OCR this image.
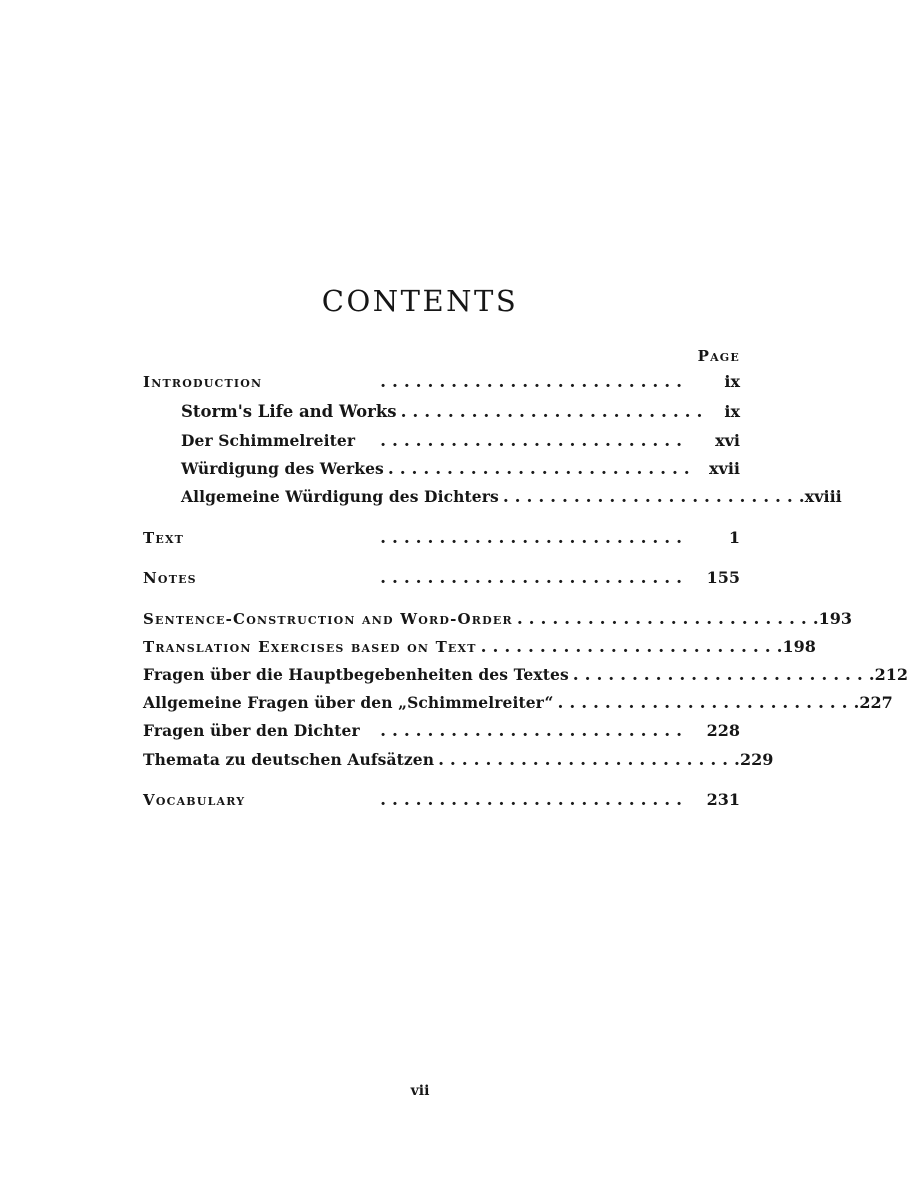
CONTENTS
Page
Introduction	. . . . . . . . . . . . . . . . . . . . . . . . . .	ix
Storm's Life and Works . . . . . . . . . . . . . . . . . . . . . . . . . .	ix
Der Schimmelreiter	. . . . . . . . . . . . . . . . . . . . . . . . . .	xvi
Würdigung des Werkes . . . . . . . . . . . . . . . . . . . . . . . . . .	xvii
Allgemeine Würdigung des Dichters . . . . . . . . . . . . . . . . . . . . . . . . . . xviii
Text	. . . . . . . . . . . . . . . . . . . . . . . . . .	1
Notes	. . . . . . . . . . . . . . . . . . . . . . . . . .	155
Sentence-Construction and Word-Order . . . . . . . . . . . . . . . . . . . . . . . . . . 193
Translation Exercises based on Text . . . . . . . . . . . . . . . . . . . . . . . . . . 198
Fragen über die Hauptbegebenheiten des Textes . . . . . . . . . . . . . . . . . . . . . . . . . . 212
Allgemeine Fragen über den „Schimmelreiter“ . . . . . . . . . . . . . . . . . . . . . . . . . . 227
Fragen über den Dichter	. . . . . . . . . . . . . . . . . . . . . . . . . .	228
Themata zu deutschen Aufsätzen . . . . . . . . . . . . . . . . . . . . . . . . . . 229
Vocabulary	. . . . . . . . . . . . . . . . . . . . . . . . . .	231
vii
